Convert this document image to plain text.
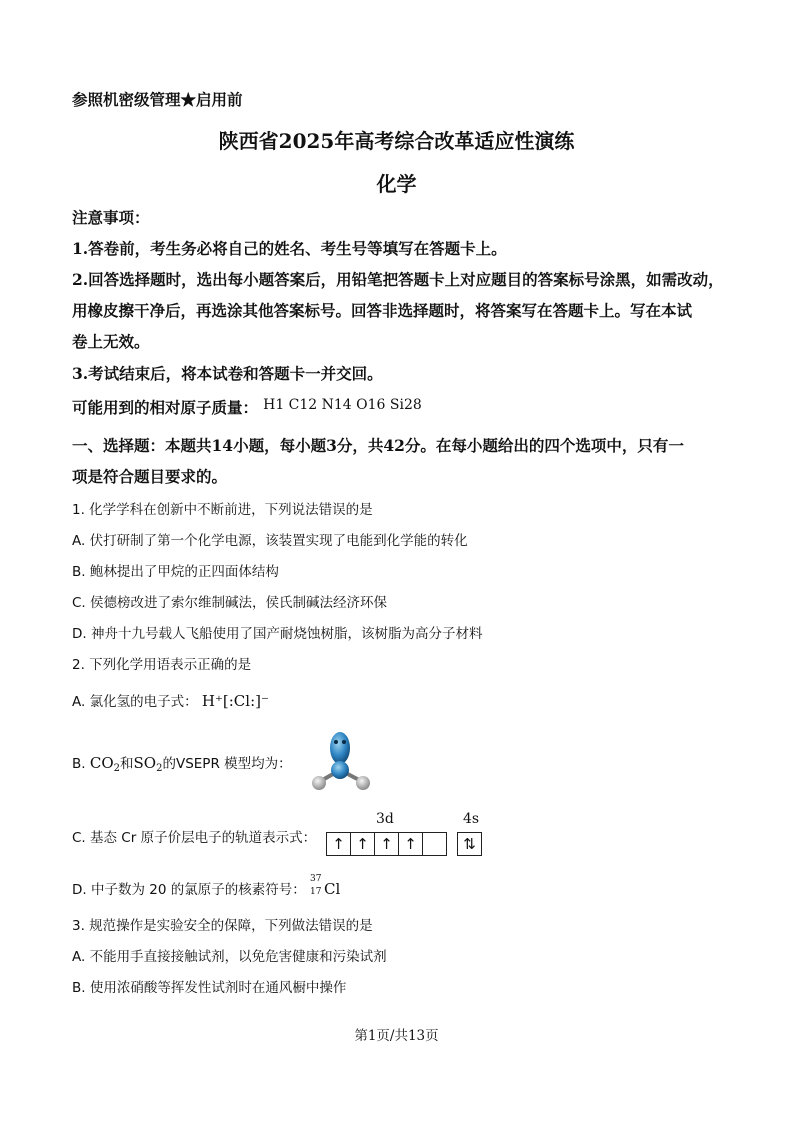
参照机密级管理★启用前
陕西省2025年高考综合改革适应性演练
化学
注意事项：
1.答卷前，考生务必将自己的姓名、考生号等填写在答题卡上。
2.回答选择题时，选出每小题答案后，用铅笔把答题卡上对应题目的答案标号涂黑，如需改动，
用橡皮擦干净后，再选涂其他答案标号。回答非选择题时，将答案写在答题卡上。写在本试
卷上无效。
3.考试结束后，将本试卷和答题卡一并交回。
可能用到的相对原子质量： H1 C12 N14 O16 Si28
一、选择题：本题共14小题，每小题3分，共42分。在每小题给出的四个选项中，只有一
项是符合题目要求的。
1. 化学学科在创新中不断前进，下列说法错误的是
A. 伏打研制了第一个化学电源，该装置实现了电能到化学能的转化
B. 鲍林提出了甲烷的正四面体结构
C. 侯德榜改进了索尔维制碱法，侯氏制碱法经济环保
D. 神舟十九号载人飞船使用了国产耐烧蚀树脂，该树脂为高分子材料
2. 下列化学用语表示正确的是
A. 氯化氢的电子式： H⁺[:Cl:]⁻
B. $CO_2$和$SO_2$的VSEPR 模型均为：
3d	4s
C. 基态 Cr 原子价层电子的轨道表示式：	↑ ↑ ↑ ↑	⇅
D. 中子数为 20 的氯原子的核素符号：
37
17 Cl
3. 规范操作是实验安全的保障，下列做法错误的是
A. 不能用手直接接触试剂，以免危害健康和污染试剂
B. 使用浓硝酸等挥发性试剂时在通风橱中操作
第1页/共13页
